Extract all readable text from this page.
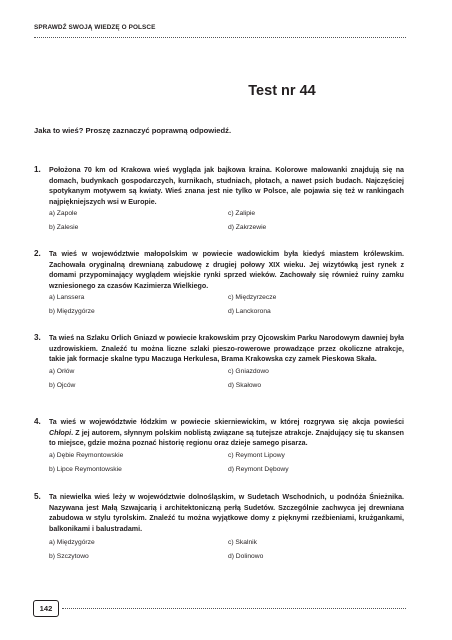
SPRAWDŹ SWOJĄ WIEDZĘ O POLSCE
Test nr 44
Jaka to wieś? Proszę zaznaczyć poprawną odpowiedź.
1. Położona 70 km od Krakowa wieś wygląda jak bajkowa kraina. Kolorowe malowanki znajdują się na domach, budynkach gospodarczych, kurnikach, studniach, płotach, a nawet psich budach. Najczęściej spotykanym motywem są kwiaty. Wieś znana jest nie tylko w Polsce, ale pojawia się też w rankingach najpiękniejszych wsi w Europie.
a) Zapole	c) Zalipie
b) Zalesie	d) Zakrzewie
2. Ta wieś w województwie małopolskim w powiecie wadowickim była kiedyś miastem królewskim. Zachowała oryginalną drewnianą zabudowę z drugiej połowy XIX wieku. Jej wizytówką jest rynek z domami przypominający wyglądem wiejskie rynki sprzed wieków. Zachowały się również ruiny zamku wzniesionego za czasów Kazimierza Wielkiego.
a) Lanssera	c) Międzyrzecze
b) Międzygórze	d) Lanckorona
3. Ta wieś na Szlaku Orlich Gniazd w powiecie krakowskim przy Ojcowskim Parku Narodowym dawniej była uzdrowiskiem. Znaleźć tu można liczne szlaki pieszo-rowerowe prowadzące przez okoliczne atrakcje, takie jak formacje skalne typu Maczuga Herkulesa, Brama Krakowska czy zamek Pieskowa Skała.
a) Orłów	c) Gniazdowo
b) Ojców	d) Skałowo
4. Ta wieś w województwie łódzkim w powiecie skierniewickim, w której rozgrywa się akcja powieści Chłopi. Z jej autorem, słynnym polskim noblistą związane są tutejsze atrakcje. Znajdujący się tu skansen to miejsce, gdzie można poznać historię regionu oraz dzieje samego pisarza.
a) Dębie Reymontowskie	c) Reymont Lipowy
b) Lipce Reymontowskie	d) Reymont Dębowy
5. Ta niewielka wieś leży w województwie dolnośląskim, w Sudetach Wschodnich, u podnóża Śnieżnika. Nazywana jest Małą Szwajcarią i architektoniczną perłą Sudetów. Szczególnie zachwyca jej drewniana zabudowa w stylu tyrolskim. Znaleźć tu można wyjątkowe domy z pięknymi rzeźbieniami, krużgankami, balkonikami i balustradami.
a) Międzygórze	c) Skalnik
b) Szczytowo	d) Dolinowo
142
